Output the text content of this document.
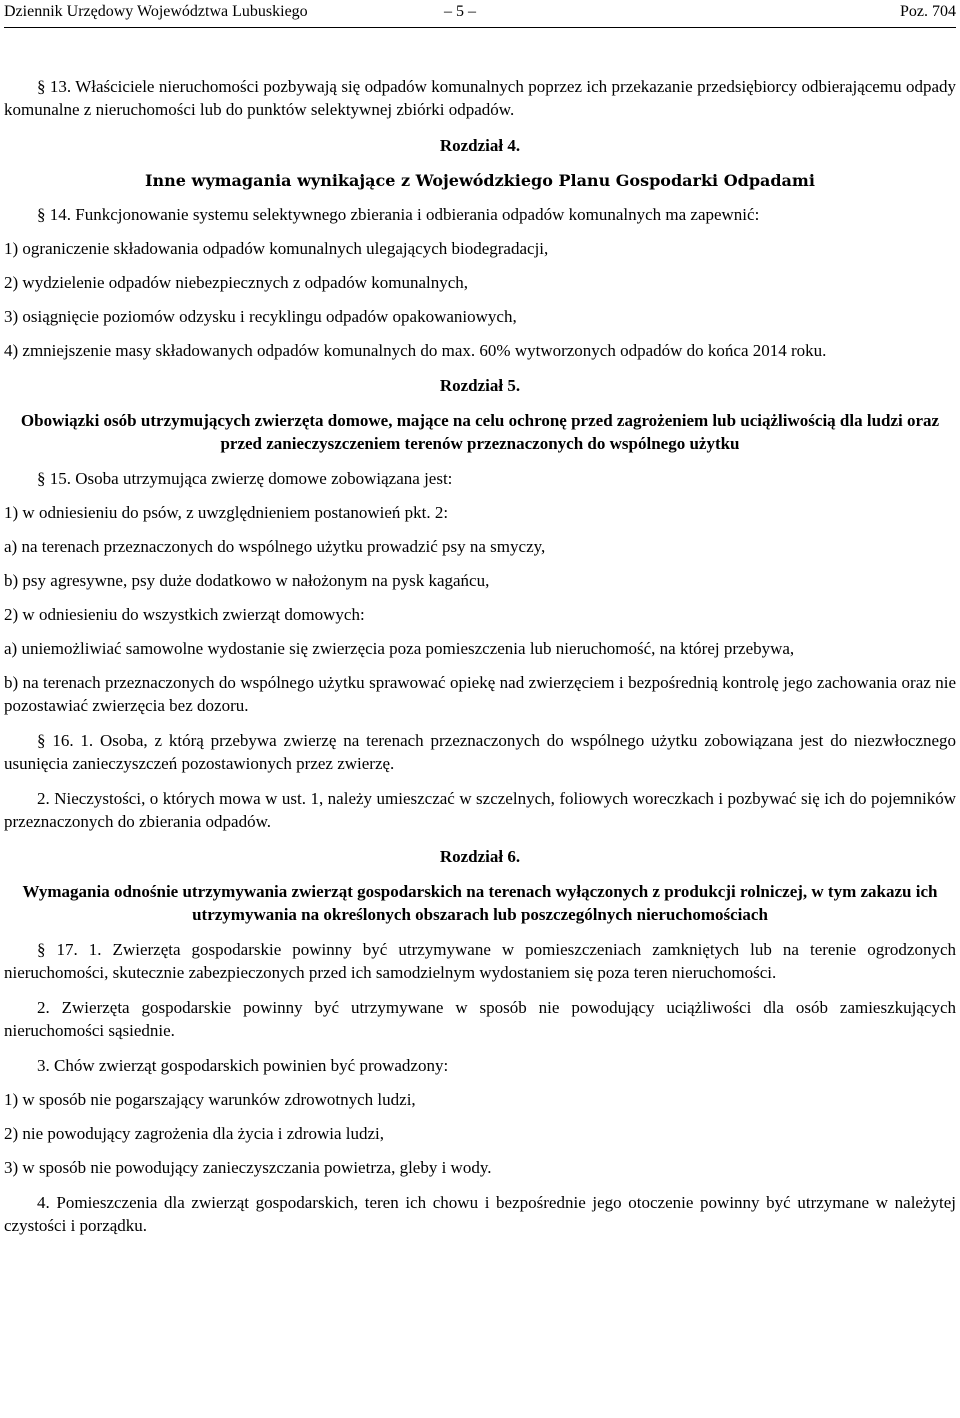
Dziennik Urzędowy Województwa Lubuskiego	– 5 –	Poz. 704

§ 13. Właściciele nieruchomości pozbywają się odpadów komunalnych poprzez ich przekazanie przedsiębiorcy odbierającemu odpady komunalne z nieruchomości lub do punktów selektywnej zbiórki odpadów.

Rozdział 4.

Inne wymagania wynikające z Wojewódzkiego Planu Gospodarki Odpadami

§ 14. Funkcjonowanie systemu selektywnego zbierania i odbierania odpadów komunalnych ma zapewnić:

1) ograniczenie składowania odpadów komunalnych ulegających biodegradacji,

2) wydzielenie odpadów niebezpiecznych z odpadów komunalnych,

3) osiągnięcie poziomów odzysku i recyklingu odpadów opakowaniowych,

4) zmniejszenie masy składowanych odpadów komunalnych do max. 60% wytworzonych odpadów do końca 2014 roku.

Rozdział 5.

Obowiązki osób utrzymujących zwierzęta domowe, mające na celu ochronę przed zagrożeniem lub uciążliwością dla ludzi oraz przed zanieczyszczeniem terenów przeznaczonych do wspólnego użytku

§ 15. Osoba utrzymująca zwierzę domowe zobowiązana jest:

1) w odniesieniu do psów, z uwzględnieniem postanowień pkt. 2:

a) na terenach przeznaczonych do wspólnego użytku prowadzić psy na smyczy,

b) psy agresywne, psy duże dodatkowo w nałożonym na pysk kagańcu,

2) w odniesieniu do wszystkich zwierząt domowych:

a) uniemożliwiać samowolne wydostanie się zwierzęcia poza pomieszczenia lub nieruchomość, na której przebywa,

b) na terenach przeznaczonych do wspólnego użytku sprawować opiekę nad zwierzęciem i bezpośrednią kontrolę jego zachowania oraz nie pozostawiać zwierzęcia bez dozoru.

§ 16. 1. Osoba, z którą przebywa zwierzę na terenach przeznaczonych do wspólnego użytku zobowiązana jest do niezwłocznego usunięcia zanieczyszczeń pozostawionych przez zwierzę.

2. Nieczystości, o których mowa w ust. 1, należy umieszczać w szczelnych, foliowych woreczkach i pozbywać się ich do pojemników przeznaczonych do zbierania odpadów.

Rozdział 6.

Wymagania odnośnie utrzymywania zwierząt gospodarskich na terenach wyłączonych z produkcji rolniczej, w tym zakazu ich utrzymywania na określonych obszarach lub poszczególnych nieruchomościach

§ 17. 1. Zwierzęta gospodarskie powinny być utrzymywane w pomieszczeniach zamkniętych lub na terenie ogrodzonych nieruchomości, skutecznie zabezpieczonych przed ich samodzielnym wydostaniem się poza teren nieruchomości.

2. Zwierzęta gospodarskie powinny być utrzymywane w sposób nie powodujący uciążliwości dla osób zamieszkujących nieruchomości sąsiednie.

3. Chów zwierząt gospodarskich powinien być prowadzony:

1) w sposób nie pogarszający warunków zdrowotnych ludzi,

2) nie powodujący zagrożenia dla życia i zdrowia ludzi,

3) w sposób nie powodujący zanieczyszczania powietrza, gleby i wody.

4. Pomieszczenia dla zwierząt gospodarskich, teren ich chowu i bezpośrednie jego otoczenie powinny być utrzymane w należytej czystości i porządku.
